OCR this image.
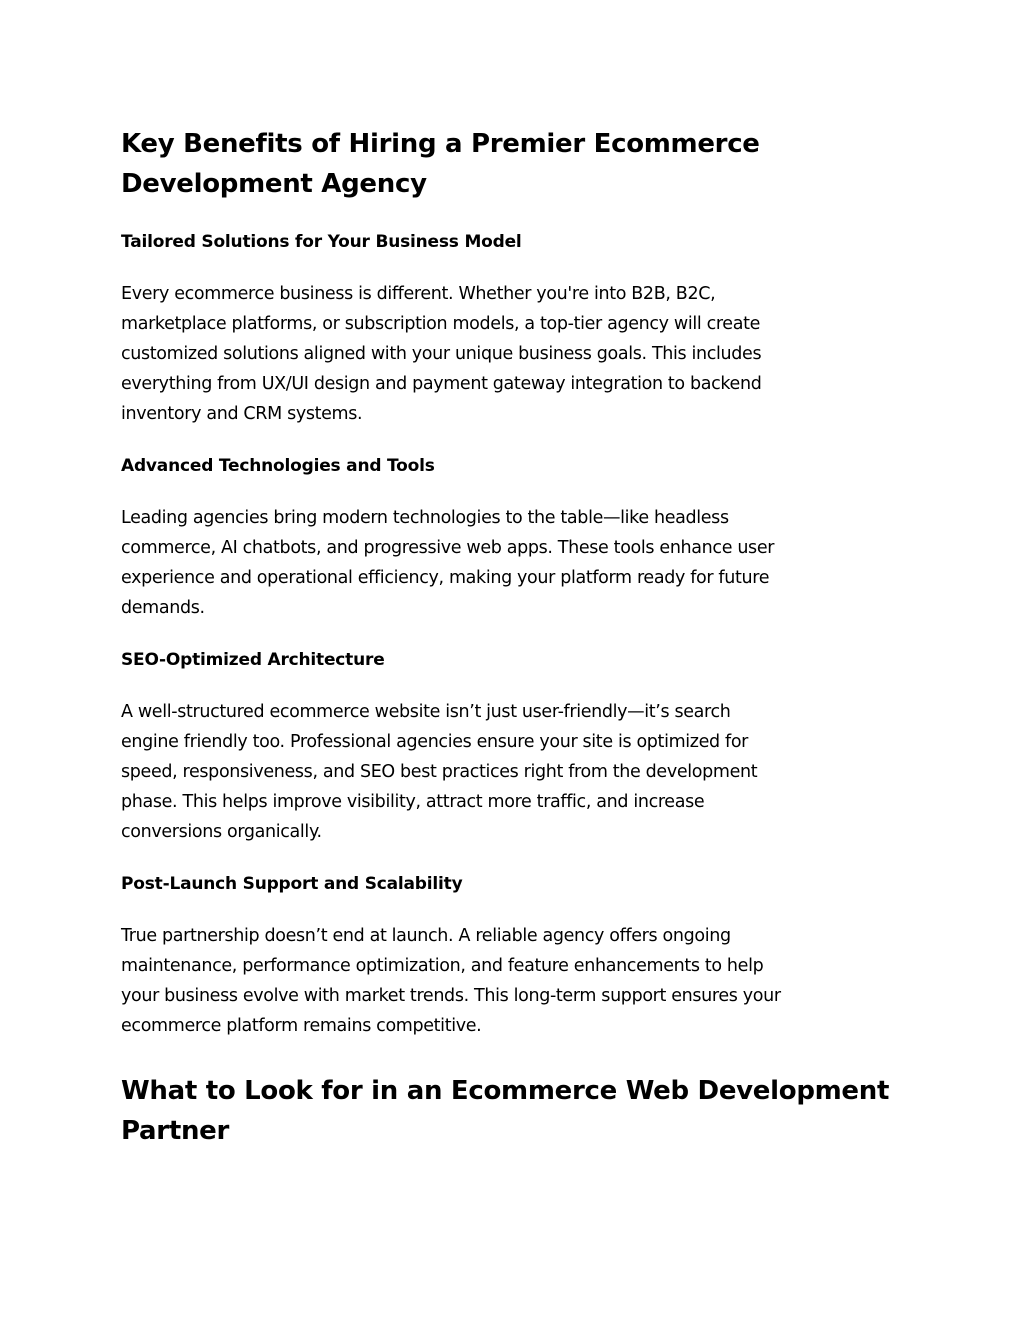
Key Benefits of Hiring a Premier Ecommerce
Development Agency
Tailored Solutions for Your Business Model

Every ecommerce business is different. Whether you're into B2B, B2C,
marketplace platforms, or subscription models, a top-tier agency will create
customized solutions aligned with your unique business goals. This includes
everything from UX/UI design and payment gateway integration to backend
inventory and CRM systems.

Advanced Technologies and Tools

Leading agencies bring modern technologies to the table—like headless
commerce, AI chatbots, and progressive web apps. These tools enhance user
experience and operational efficiency, making your platform ready for future
demands.

SEO-Optimized Architecture

A well-structured ecommerce website isn’t just user-friendly—it’s search
engine friendly too. Professional agencies ensure your site is optimized for
speed, responsiveness, and SEO best practices right from the development
phase. This helps improve visibility, attract more traffic, and increase
conversions organically.

Post-Launch Support and Scalability

True partnership doesn’t end at launch. A reliable agency offers ongoing
maintenance, performance optimization, and feature enhancements to help
your business evolve with market trends. This long-term support ensures your
ecommerce platform remains competitive.

What to Look for in an Ecommerce Web Development
Partner
